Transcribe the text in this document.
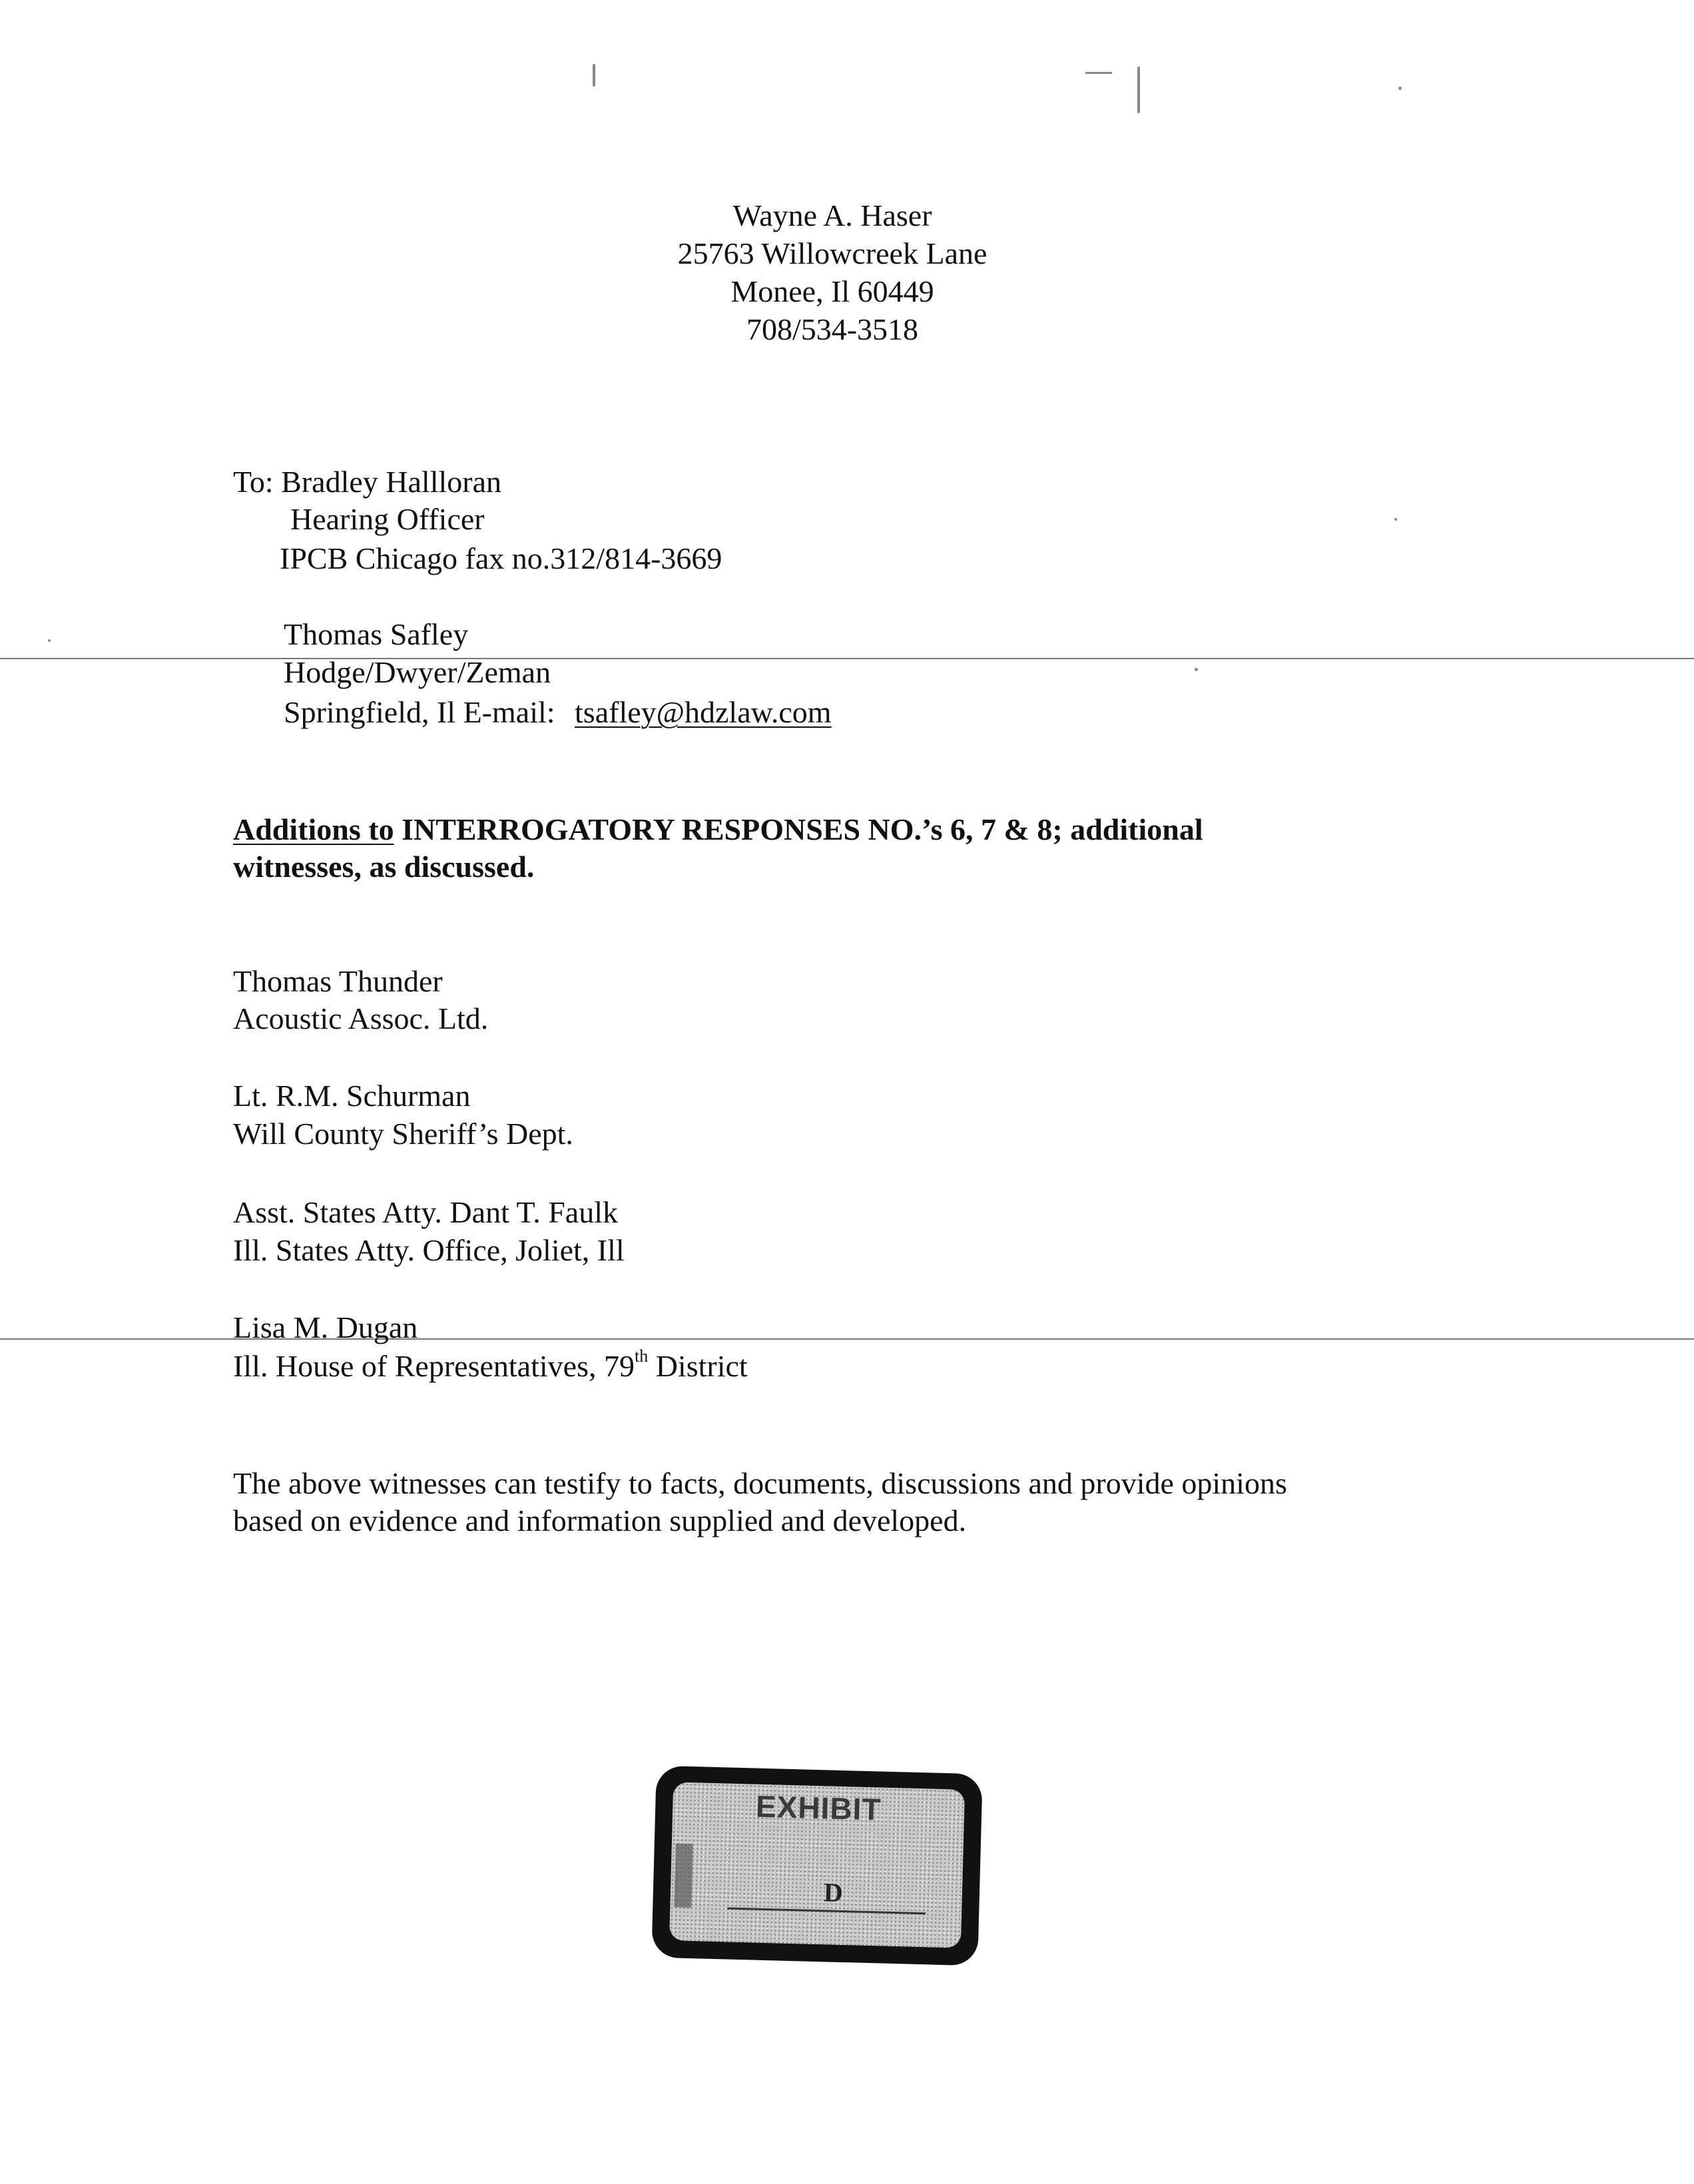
Wayne A. Haser
25763 Willowcreek Lane
Monee, Il 60449
708/534-3518
To: Bradley Hallloran
Hearing Officer
IPCB Chicago fax no.312/814-3669
Thomas Safley
Hodge/Dwyer/Zeman
Springfield, Il E-mail: tsafley@hdzlaw.com
Additions to INTERROGATORY RESPONSES NO.’s 6, 7 & 8; additional
witnesses, as discussed.
Thomas Thunder
Acoustic Assoc. Ltd.
Lt. R.M. Schurman
Will County Sheriff’s Dept.
Asst. States Atty. Dant T. Faulk
Ill. States Atty. Office, Joliet, Ill
Lisa M. Dugan
Ill. House of Representatives, 79th District
The above witnesses can testify to facts, documents, discussions and provide opinions
based on evidence and information supplied and developed.
EXHIBIT
D
